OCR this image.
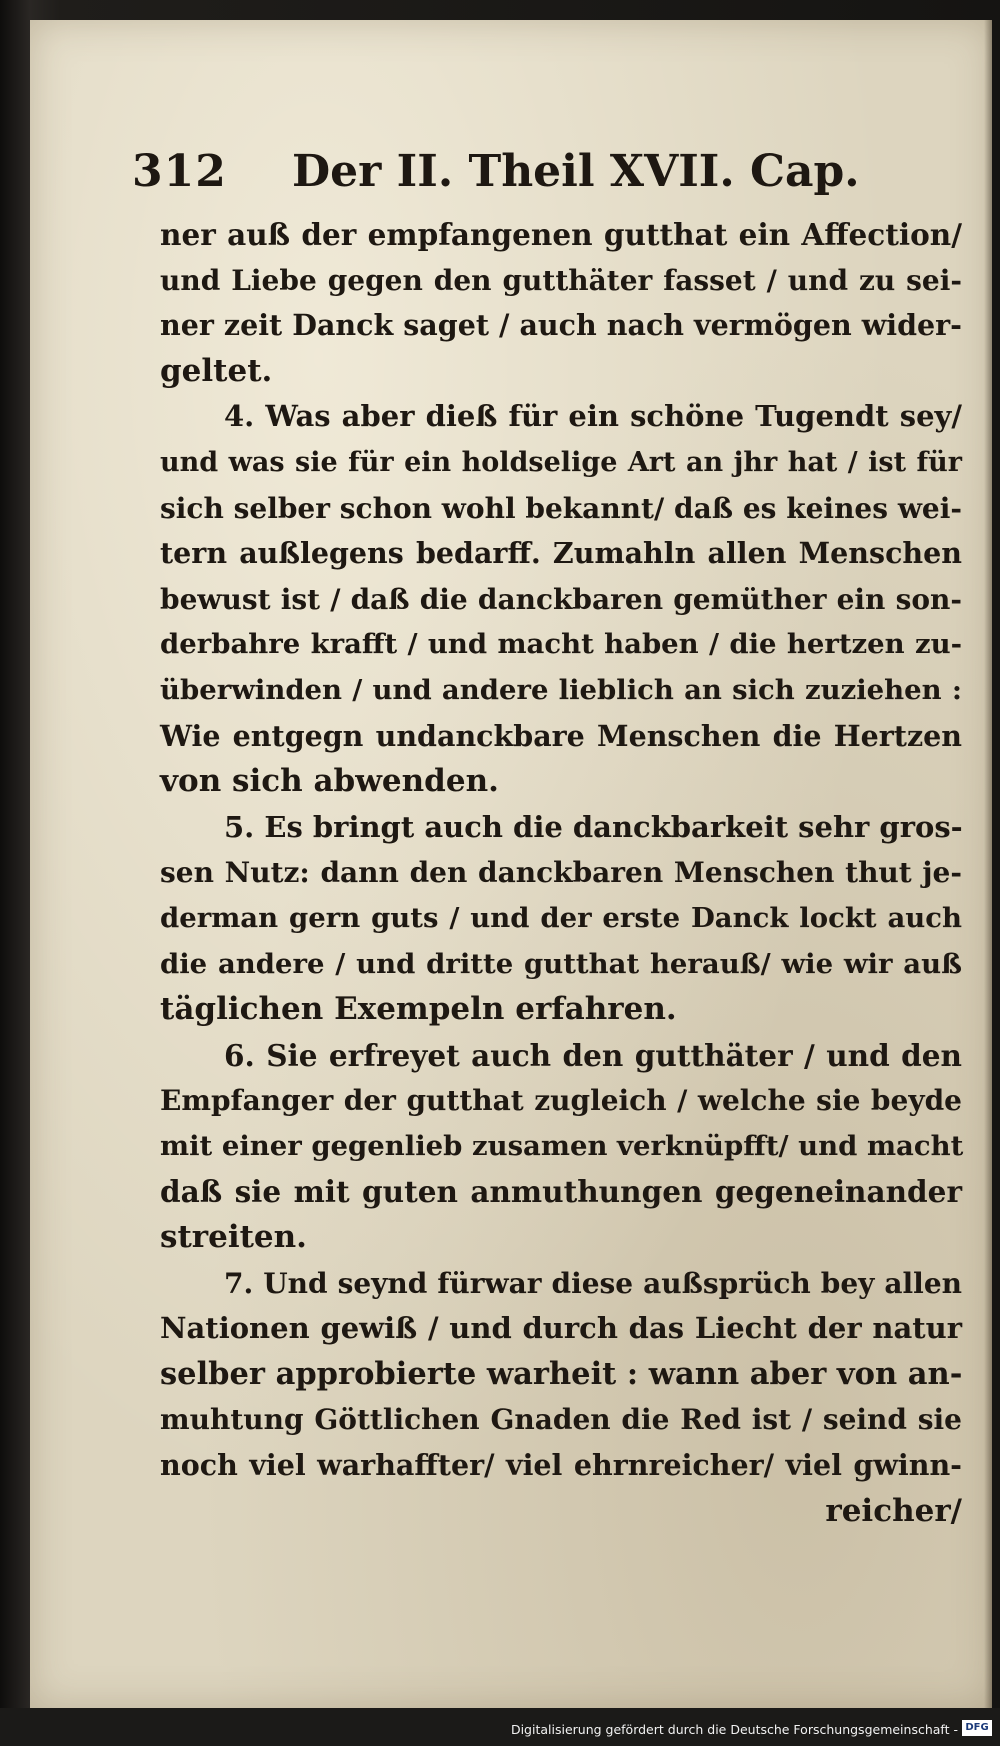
312 Der II. Theil XVII. Cap.
ner auß der empfangenen gutthat ein Affection/
und Liebe gegen den gutthäter fasset / und zu sei-
ner zeit Danck saget / auch nach vermögen wider-
geltet.
4. Was aber dieß für ein schöne Tugendt sey/
und was sie für ein holdselige Art an jhr hat / ist für
sich selber schon wohl bekannt/ daß es keines wei-
tern außlegens bedarff. Zumahln allen Menschen
bewust ist / daß die danckbaren gemüther ein son-
derbahre krafft / und macht haben / die hertzen zu-
überwinden / und andere lieblich an sich zuziehen :
Wie entgegn undanckbare Menschen die Hertzen
von sich abwenden.
5. Es bringt auch die danckbarkeit sehr gros-
sen Nutz: dann den danckbaren Menschen thut je-
derman gern guts / und der erste Danck lockt auch
die andere / und dritte gutthat herauß/ wie wir auß
täglichen Exempeln erfahren.
6. Sie erfreyet auch den gutthäter / und den
Empfanger der gutthat zugleich / welche sie beyde
mit einer gegenlieb zusamen verknüpfft/ und macht
daß sie mit guten anmuthungen gegeneinander
streiten.
7. Und seynd fürwar diese außsprüch bey allen
Nationen gewiß / und durch das Liecht der natur
selber approbierte warheit : wann aber von an-
muhtung Göttlichen Gnaden die Red ist / seind sie
noch viel warhaffter/ viel ehrnreicher/ viel gwinn-
reicher/
Digitalisierung gefördert durch die Deutsche Forschungsgemeinschaft - DFG
